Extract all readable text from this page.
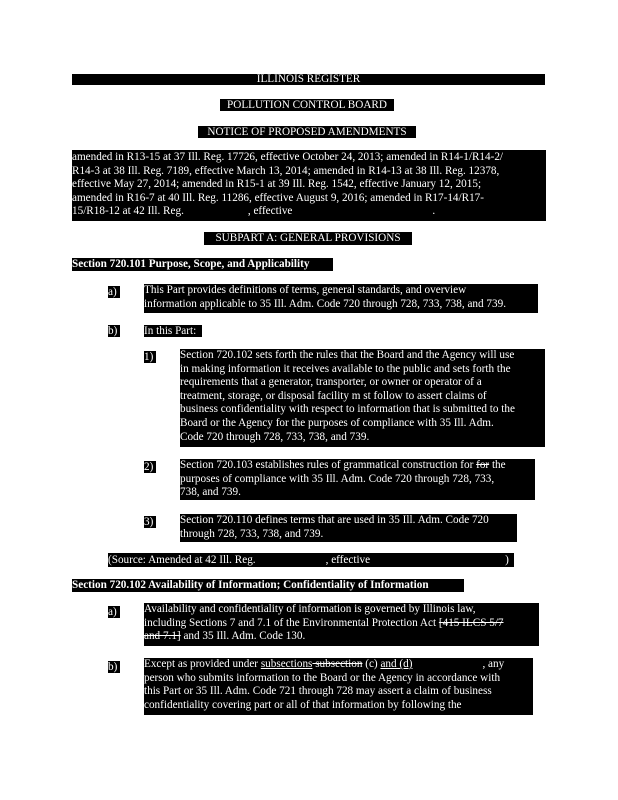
ILLINOIS REGISTER
POLLUTION CONTROL BOARD
NOTICE OF PROPOSED AMENDMENTS
amended in R13-15 at 37 Ill. Reg. 17726, effective October 24, 2013; amended in R14-1/R14-2/
R14-3 at 38 Ill. Reg. 7189, effective March 13, 2014; amended in R14-13 at 38 Ill. Reg. 12378,
effective May 27, 2014; amended in R15-1 at 39 Ill. Reg. 1542, effective January 12, 2015;
amended in R16-7 at 40 Ill. Reg. 11286, effective August 9, 2016; amended in R17-14/R17-
15/R18-12 at 42 Ill. Reg.	, effective	.
SUBPART A: GENERAL PROVISIONS
Section 720.101 Purpose, Scope, and Applicability
a) This Part provides definitions of terms, general standards, and overview
information applicable to 35 Ill. Adm. Code 720 through 728, 733, 738, and 739.
b) In this Part:
1) Section 720.102 sets forth the rules that the Board and the Agency will use
in making information it receives available to the public and sets forth the
requirements that a generator, transporter, or owner or operator of a
treatment, storage, or disposal facility m st follow to assert claims of
business confidentiality with respect to information that is submitted to the
Board or the Agency for the purposes of compliance with 35 Ill. Adm.
Code 720 through 728, 733, 738, and 739.
2) Section 720.103 establishes rules of grammatical construction for for the
purposes of compliance with 35 Ill. Adm. Code 720 through 728, 733,
738, and 739.
3) Section 720.110 defines terms that are used in 35 Ill. Adm. Code 720
through 728, 733, 738, and 739.
(Source: Amended at 42 Ill. Reg.	, effective	)
Section 720.102 Availability of Information; Confidentiality of Information
a) Availability and confidentiality of information is governed by Illinois law,
including Sections 7 and 7.1 of the Environmental Protection Act [415 ILCS 5/7
and 7.1] and 35 Ill. Adm. Code 130.
b) Except as provided under subsections subsection (c) and (d)	, any
person who submits information to the Board or the Agency in accordance with
this Part or 35 Ill. Adm. Code 721 through 728 may assert a claim of business
confidentiality covering part or all of that information by following the
